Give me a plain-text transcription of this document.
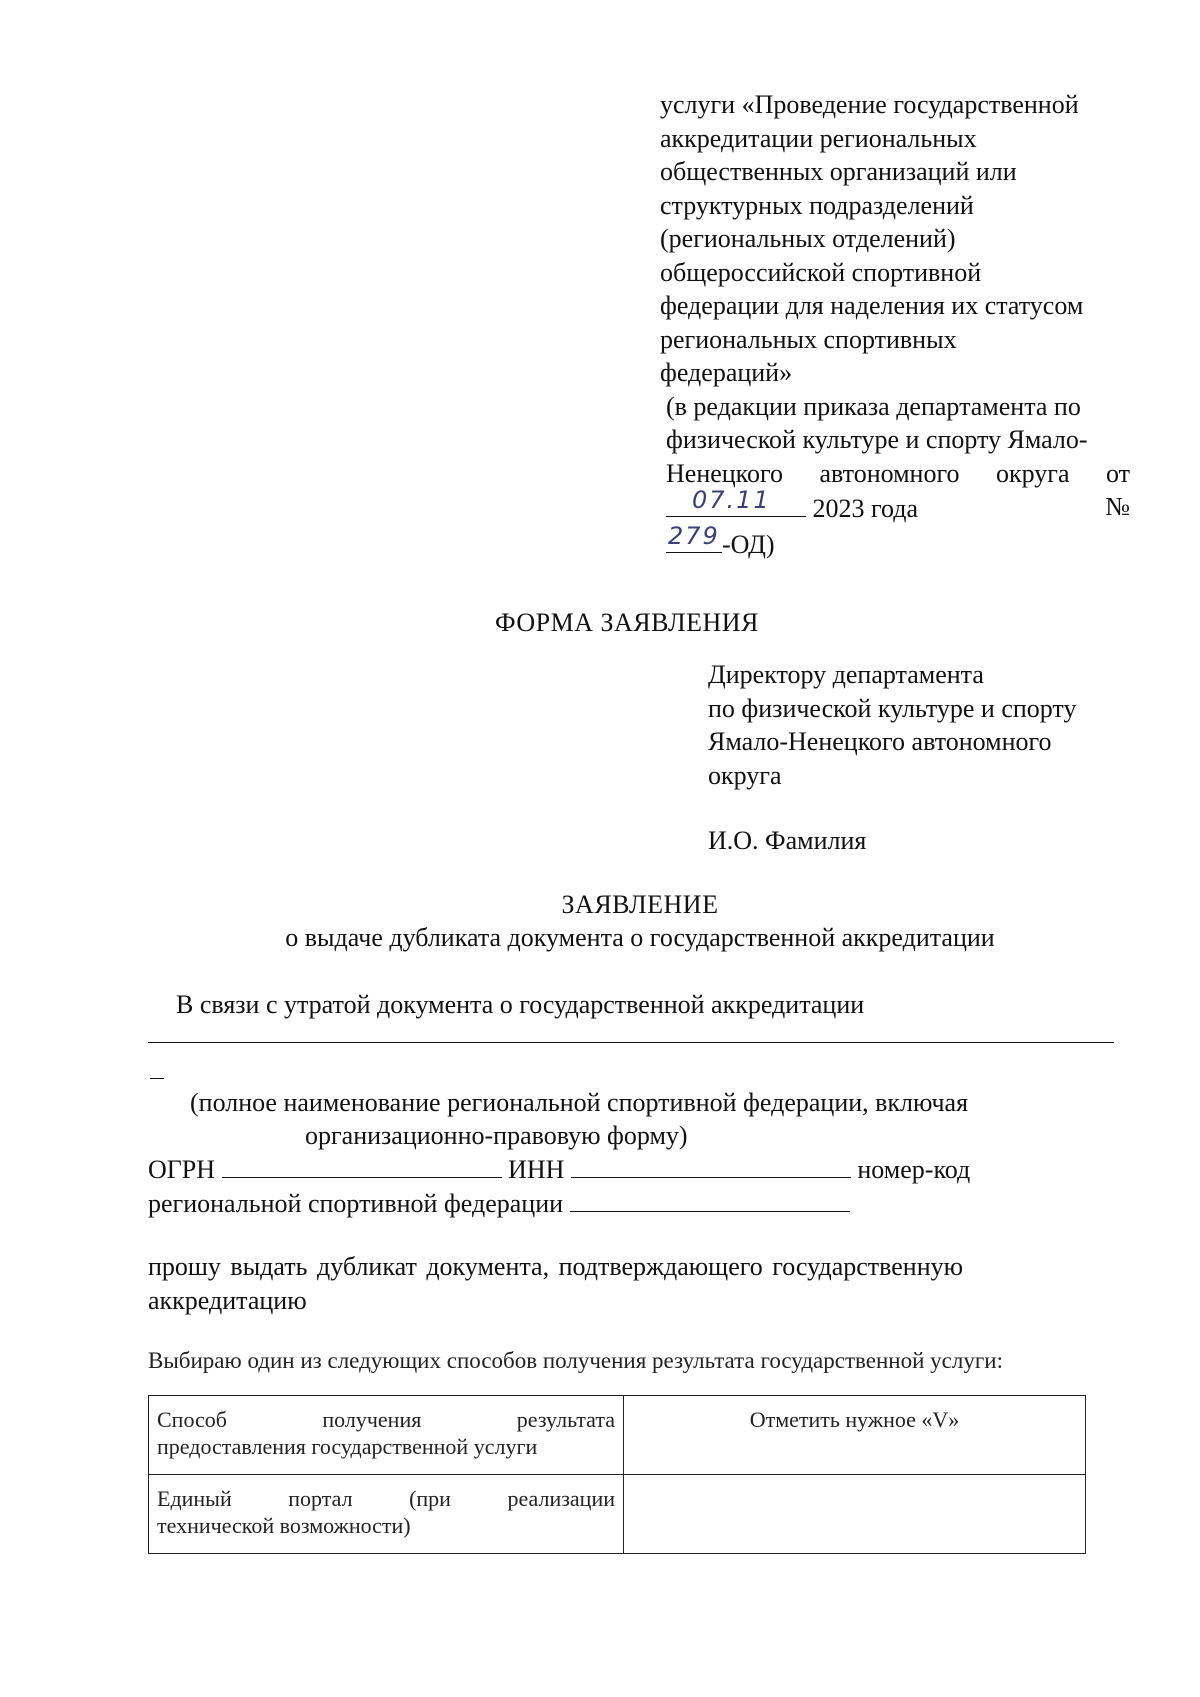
услуги «Проведение государственной
аккредитации региональных
общественных организаций или
структурных подразделений
(региональных отделений)
общероссийской спортивной
федерации для наделения их статусом
региональных спортивных
федераций»
(в редакции приказа департамента по
физической культуре и спорту Ямало-
Ненецкого автономного округа от
07.11 2023 года	№
279 -ОД)
ФОРМА ЗАЯВЛЕНИЯ
Директору департамента
по физической культуре и спорту
Ямало-Ненецкого автономного
округа
И.О. Фамилия
ЗАЯВЛЕНИЕ
о выдаче дубликата документа о государственной аккредитации
В связи с утратой документа о государственной аккредитации
(полное наименование региональной спортивной федерации, включая
организационно-правовую форму)
ОГРН	ИНН	номер-код
региональной спортивной федерации
прошу выдать дубликат документа, подтверждающего государственную
аккредитацию
Выбираю один из следующих способов получения результата государственной услуги:
Способ получения результата
предоставления государственной услуги	Отметить нужное «V»

Единый портал (при реализации
технической возможности)	
